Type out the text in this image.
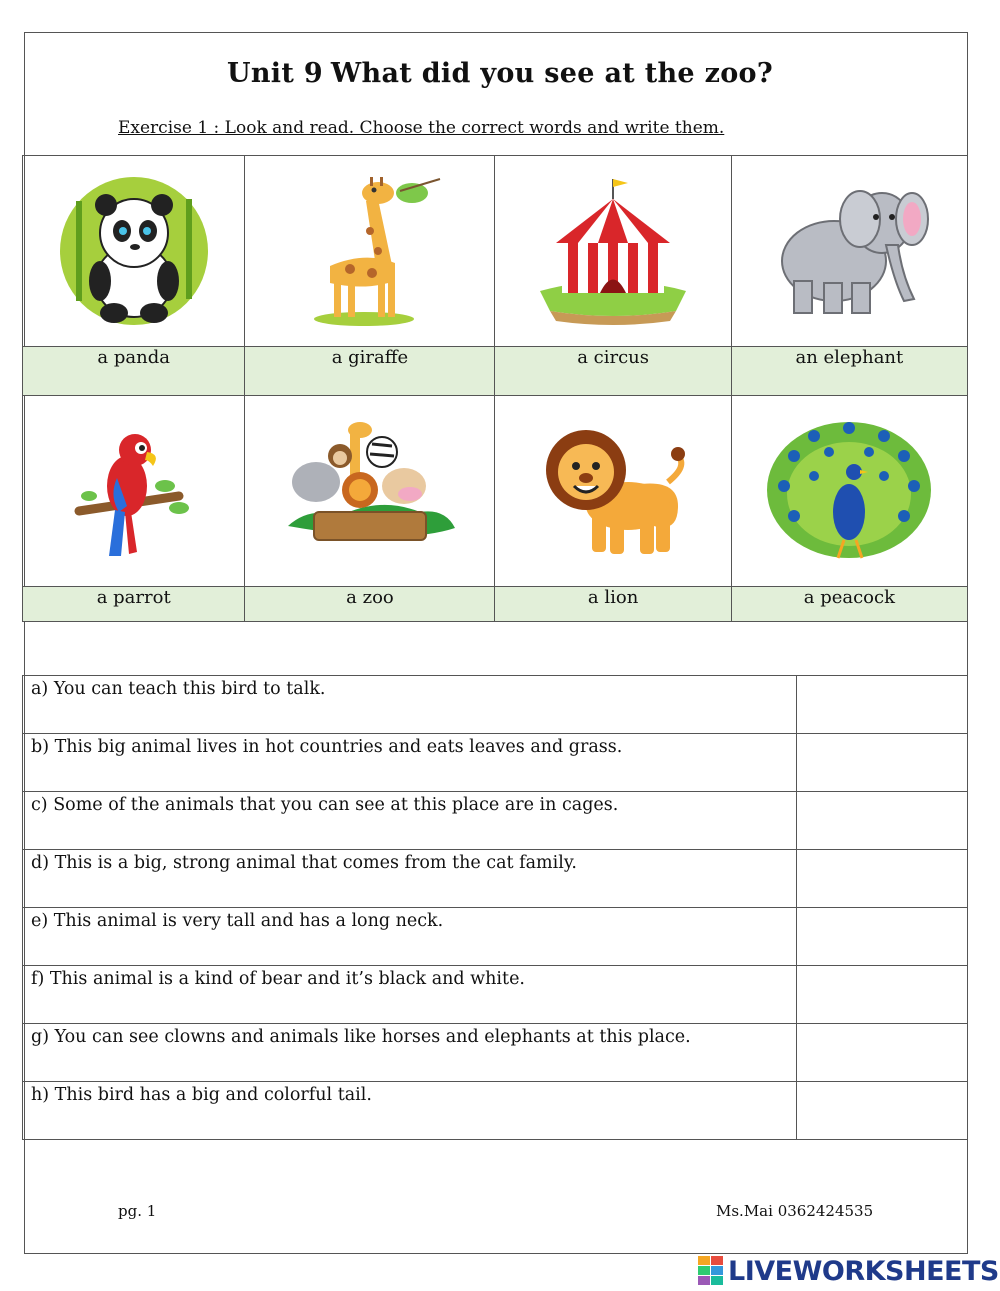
Unit 9 What did you see at the zoo?
Exercise 1 : Look and read. Choose the correct words and write them.

a panda	a giraffe	a circus	an elephant

a parrot	a zoo	a lion	a peacock
a) You can teach this bird to talk.	
b) This big animal lives in hot countries and eats leaves and grass.	
c) Some of the animals that you can see at this place are in cages.	
d) This is a big, strong animal that comes from the cat family.	
e) This animal is very tall and has a long neck.	
f) This animal is a kind of bear and it’s black and white.	
g) You can see clowns and animals like horses and elephants at this place.	
h) This bird has a big and colorful tail.	
pg. 1	Ms.Mai 0362424535
LIVEWORKSHEETS
